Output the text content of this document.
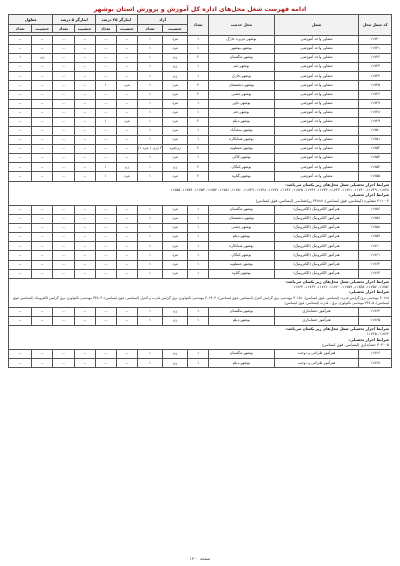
ادامه فهرست شغل محل‌های اداره کل آموزش و پرورش استان بوشهر
کد شغل محل	شغل	محل خدمت	تعداد	آزاد		ایثارگر ۲۵ درصد		ایثارگر ۵ درصد		معلول	
				جنسیت	تعداد	جنسیت	تعداد	جنسیت	تعداد	جنسیت	تعداد

۱۱۷۴۰	مشاور واحد آموزشی	بوشهر-جزیره خارگ	۱	مرد	۱	--	--	--	--	--	--
۱۱۷۴۱	مشاور واحد آموزشی	بوشهر-بوشهر	۱	مرد	۱	--	--	--	--	--	--
۱۱۷۴۲	مشاور واحد آموزشی	بوشهر-تنگستان	۲	زن	۱	--	--	--	--	زن	۱
۱۱۷۴۳	مشاور واحد آموزشی	بوشهر-جم	۱	زن	۱	--	--	--	--	--	--
۱۱۷۴۴	مشاور واحد آموزشی	بوشهر-خارک	۱	زن	۱	--	--	--	--	--	--
۱۱۷۴۵	مشاور واحد آموزشی	بوشهر-دشتستان	۲	مرد	۱	مرد	۱	--	--	--	--
۱۱۷۴۶	مشاور واحد آموزشی	بوشهر-دشتی	۲	مرد	۱	--	--	--	--	--	--
۱۱۷۴۷	مشاور واحد آموزشی	بوشهر-جاور	۱	مرد	۱	--	--	--	--	--	--
۱۱۷۴۸	مشاور واحد آموزشی	بوشهر-جم	۱	مرد	۱	--	--	--	--	--	--
۱۱۷۴۹	مشاور واحد آموزشی	بوشهر-دیلم	۲	مرد	۱	مرد	۱	--	--	--	--
۱۱۷۵۰	مشاور واحد آموزشی	بوشهر-سعدآباد	۱	مرد	۱	--	--	--	--	--	--
۱۱۷۵۱	مشاور واحد آموزشی	بوشهر-شبانکاره	۱	مرد	۱	--	--	--	--	--	--
۱۱۷۵۲	مشاور واحد آموزشی	بوشهر-عسلویه	۲	زن/مرد	۲ (زن ۱ مرد ۱)	--	--	--	--	--	--
۱۱۷۵۳	مشاور واحد آموزشی	بوشهر-کاکی	۱	مرد	۱	--	--	--	--	--	--
۱۱۷۵۴	مشاور واحد آموزشی	بوشهر-کنگان	۲	زن	۱	زن	۱	--	--	--	--
۱۱۷۵۵	مشاور واحد آموزشی	بوشهر-گناوه	۲	مرد	۱	مرد	۱	--	--	--	--

شرایط احراز تحصیلی شغل محل‌های زیر یکسان می‌باشد:
۱۱۷۳۸، ۱۱۷۳۹، ۱۱۷۴۰، ۱۱۷۴۱، ۱۱۷۴۲، ۱۱۷۴۳، ۱۱۷۴۴، ۱۱۷۴۵، ۱۱۷۴۶، ۱۱۷۴۷، ۱۱۷۴۸، ۱۱۷۴۹، ۱۱۷۵۰، ۱۱۷۵۱، ۱۱۷۵۲، ۱۱۷۵۳، ۱۱۷۵۴، ۱۱۷۵۵
شرایط احراز تحصیلی:
۳۱۱۰۰۴ مشاوره (لیسانس، فوق لیسانس)، ۳۳۸۸۷ روانشناسی (لیسانس، فوق لیسانس)											

۱۱۷۵۶	هنرآموز الکترونیک (الکترونیک)	بوشهر-تنگستان	۱	مرد	۱	--	--	--	--	--	--
۱۱۷۵۷	هنرآموز الکترونیک (الکترونیک)	بوشهر-دشتستان	۱	مرد	۱	--	--	--	--	--	--
۱۱۷۵۸	هنرآموز الکترونیک (الکترونیک)	بوشهر-دشتی	۱	مرد	۱	--	--	--	--	--	--
۱۱۷۵۹	هنرآموز الکترونیک (الکترونیک)	بوشهر-دیلم	۱	مرد	۱	--	--	--	--	--	--
۱۱۷۶۰	هنرآموز الکترونیک (الکترونیک)	بوشهر-شبانکاره	۱	مرد	۱	--	--	--	--	--	--
۱۱۷۶۱	هنرآموز الکترونیک (الکترونیک)	بوشهر-کنگان	۱	مرد	۱	--	--	--	--	--	--
۱۱۷۶۲	هنرآموز الکترونیک (الکترونیک)	بوشهر-عسلویه	۱	مرد	۱	--	--	--	--	--	--
۱۱۷۶۳	هنرآموز الکترونیک (الکترونیک)	بوشهر-گناوه	۱	مرد	۱	--	--	--	--	--	--

شرایط احراز تحصیلی شغل محل‌های زیر یکسان می‌باشد:
۱۱۷۵۶، ۱۱۷۵۷، ۱۱۷۵۸، ۱۱۷۵۹، ۱۱۷۶۰، ۱۱۷۶۱، ۱۱۷۶۲، ۱۱۷۶۳
شرایط احراز تحصیلی:
۳۰۱۲۸ مهندسی برق گرایش قدرت (لیسانس، فوق لیسانس)، ۳۰۱۵۱ مهندسی برق گرایش کنترل (لیسانس، فوق لیسانس)، ۳۰۲۴۰۳ مهندسی تکنولوژی برق گرایش قدرت و کنترل (لیسانس، فوق لیسانس)، ۳۳۸۰۳ مهندسی تکنولوژی برق گرایش الکترونیک (لیسانس، فوق لیسانس)، ۳۳۸۰۵ مهندسی تکنولوژی برق - قدرت (لیسانس، فوق لیسانس)											

۱۱۷۶۴	هنرآموز حسابداری	بوشهر-تنگستان	۱	زن	۱	--	--	--	--	--	--
۱۱۷۶۵	هنرآموز حسابداری	بوشهر-دیلم	۱	زن	۱	--	--	--	--	--	--

شرایط احراز تحصیلی شغل محل‌های زیر یکسان می‌باشد:
۱۱۷۶۴، ۱۱۷۶۵
شرایط احراز تحصیلی:
۳۰۴۰۰۵ حسابداری (لیسانس، فوق لیسانس)											

۱۱۷۶۶	هنرآموز طراحی و دوخت	بوشهر-تنگستان	۱	زن	۱	--	--	--	--	--	--
۱۱۷۶۷	هنرآموز طراحی و دوخت	بوشهر-دیلم	۱	زن	۱	--	--	--	--	--	--
صفحه ۱۳۰
